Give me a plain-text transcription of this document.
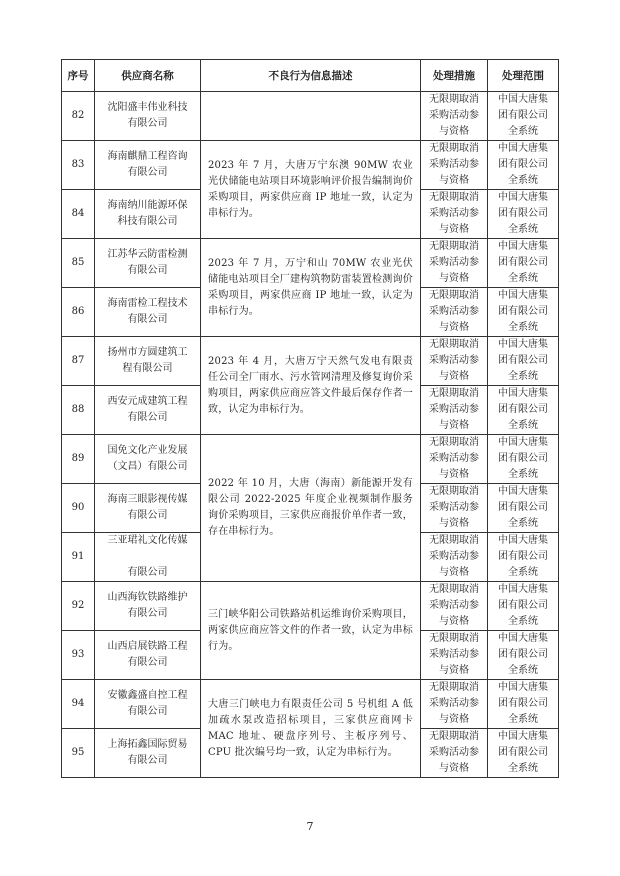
序号	供应商名称	不良行为信息描述	处理措施	处理范围
82	沈阳盛丰伟业科技
有限公司		无限期取消
采购活动参
与资格	中国大唐集
团有限公司
全系统
83	海南麒鼎工程咨询
有限公司	2023 年 7 月，大唐万宁东澳 90MW 农业光伏储能电站项目环境影响评价报告编制询价采购项目，两家供应商 IP 地址一致，认定为串标行为。	无限期取消
采购活动参
与资格	中国大唐集
团有限公司
全系统
84	海南纳川能源环保
科技有限公司		无限期取消
采购活动参
与资格	中国大唐集
团有限公司
全系统
85	江苏华云防雷检测
有限公司	2023 年 7 月，万宁和山 70MW 农业光伏储能电站项目全厂建构筑物防雷装置检测询价采购项目，两家供应商 IP 地址一致，认定为串标行为。	无限期取消
采购活动参
与资格	中国大唐集
团有限公司
全系统
86	海南雷检工程技术
有限公司		无限期取消
采购活动参
与资格	中国大唐集
团有限公司
全系统
87	扬州市方圆建筑工
程有限公司	2023 年 4 月，大唐万宁天然气发电有限责任公司全厂雨水、污水管网清理及修复询价采购项目，两家供应商应答文件最后保存作者一致，认定为串标行为。	无限期取消
采购活动参
与资格	中国大唐集
团有限公司
全系统
88	西安元成建筑工程
有限公司		无限期取消
采购活动参
与资格	中国大唐集
团有限公司
全系统
89	国免文化产业发展
（文昌）有限公司	2022 年 10 月，大唐（海南）新能源开发有限公司 2022-2025 年度企业视频制作服务询价采购项目，三家供应商报价单作者一致，存在串标行为。	无限期取消
采购活动参
与资格	中国大唐集
团有限公司
全系统
90	海南三眼影视传媒
有限公司		无限期取消
采购活动参
与资格	中国大唐集
团有限公司
全系统
91	三亚珺礼文化传媒

有限公司		无限期取消
采购活动参
与资格	中国大唐集
团有限公司
全系统
92	山西海钦铁路维护
有限公司	三门峡华阳公司铁路站机运维询价采购项目，两家供应商应答文件的作者一致，认定为串标行为。	无限期取消
采购活动参
与资格	中国大唐集
团有限公司
全系统
93	山西启展铁路工程
有限公司		无限期取消
采购活动参
与资格	中国大唐集
团有限公司
全系统
94	安徽鑫盛自控工程
有限公司	大唐三门峡电力有限责任公司 5 号机组 A 低加疏水泵改造招标项目，三家供应商网卡 MAC 地址、硬盘序列号、主板序列号、CPU 批次编号均一致，认定为串标行为。	无限期取消
采购活动参
与资格	中国大唐集
团有限公司
全系统
95	上海拓鑫国际贸易
有限公司		无限期取消
采购活动参
与资格	中国大唐集
团有限公司
全系统
7
